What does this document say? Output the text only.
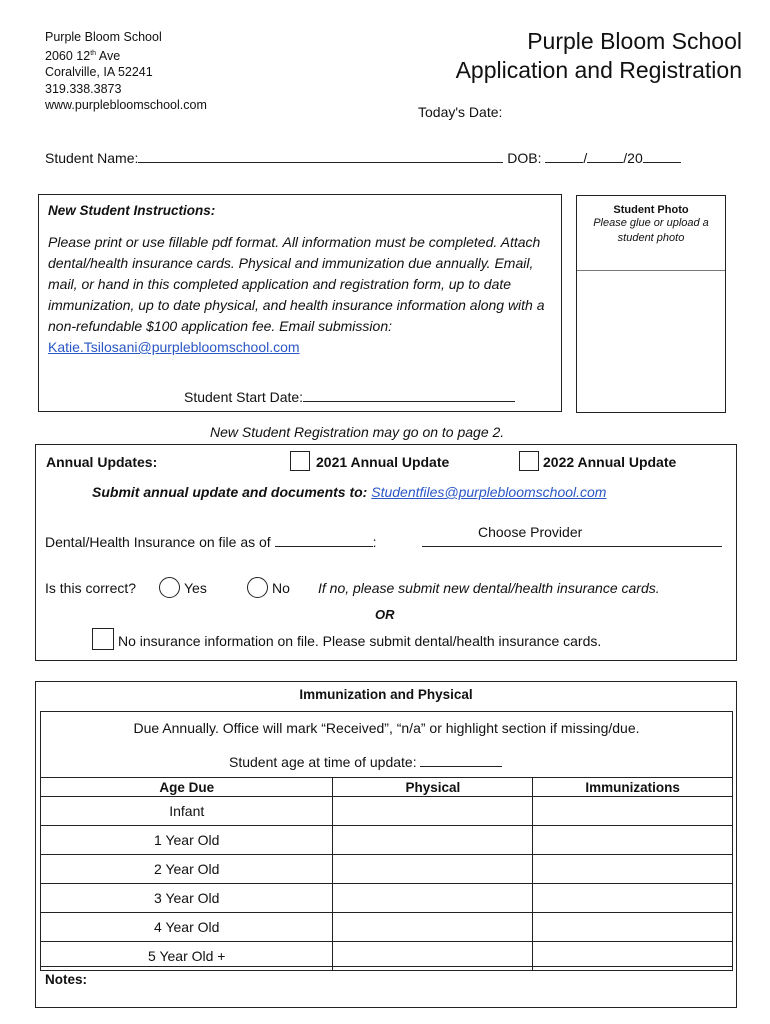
Purple Bloom School
2060 12th Ave
Coralville, IA 52241
319.338.3873
www.purplebloomschool.com
Purple Bloom School
Application and Registration
Today's Date:
Student Name:	DOB:	/	/20
New Student Instructions:
Please print or use fillable pdf format. All information must be completed. Attach dental/health insurance cards. Physical and immunization due annually. Email, mail, or hand in this completed application and registration form, up to date immunization, up to date physical, and health insurance information along with a non-refundable $100 application fee. Email submission:
Katie.Tsilosani@purplebloomschool.com
Student Start Date:
Student Photo
Please glue or upload a student photo
New Student Registration may go on to page 2.
Annual Updates:	2021 Annual Update	2022 Annual Update
Submit annual update and documents to: Studentfiles@purplebloomschool.com
Dental/Health Insurance on file as of	:
Choose Provider
Is this correct?	Yes	No If no, please submit new dental/health insurance cards.
OR
No insurance information on file. Please submit dental/health insurance cards.
Immunization and Physical
Due Annually. Office will mark “Received”, “n/a” or highlight section if missing/due.
Student age at time of update:
Age Due	Physical	Immunizations
Infant		
1 Year Old		
2 Year Old		
3 Year Old		
4 Year Old		
5 Year Old +		
Notes:
